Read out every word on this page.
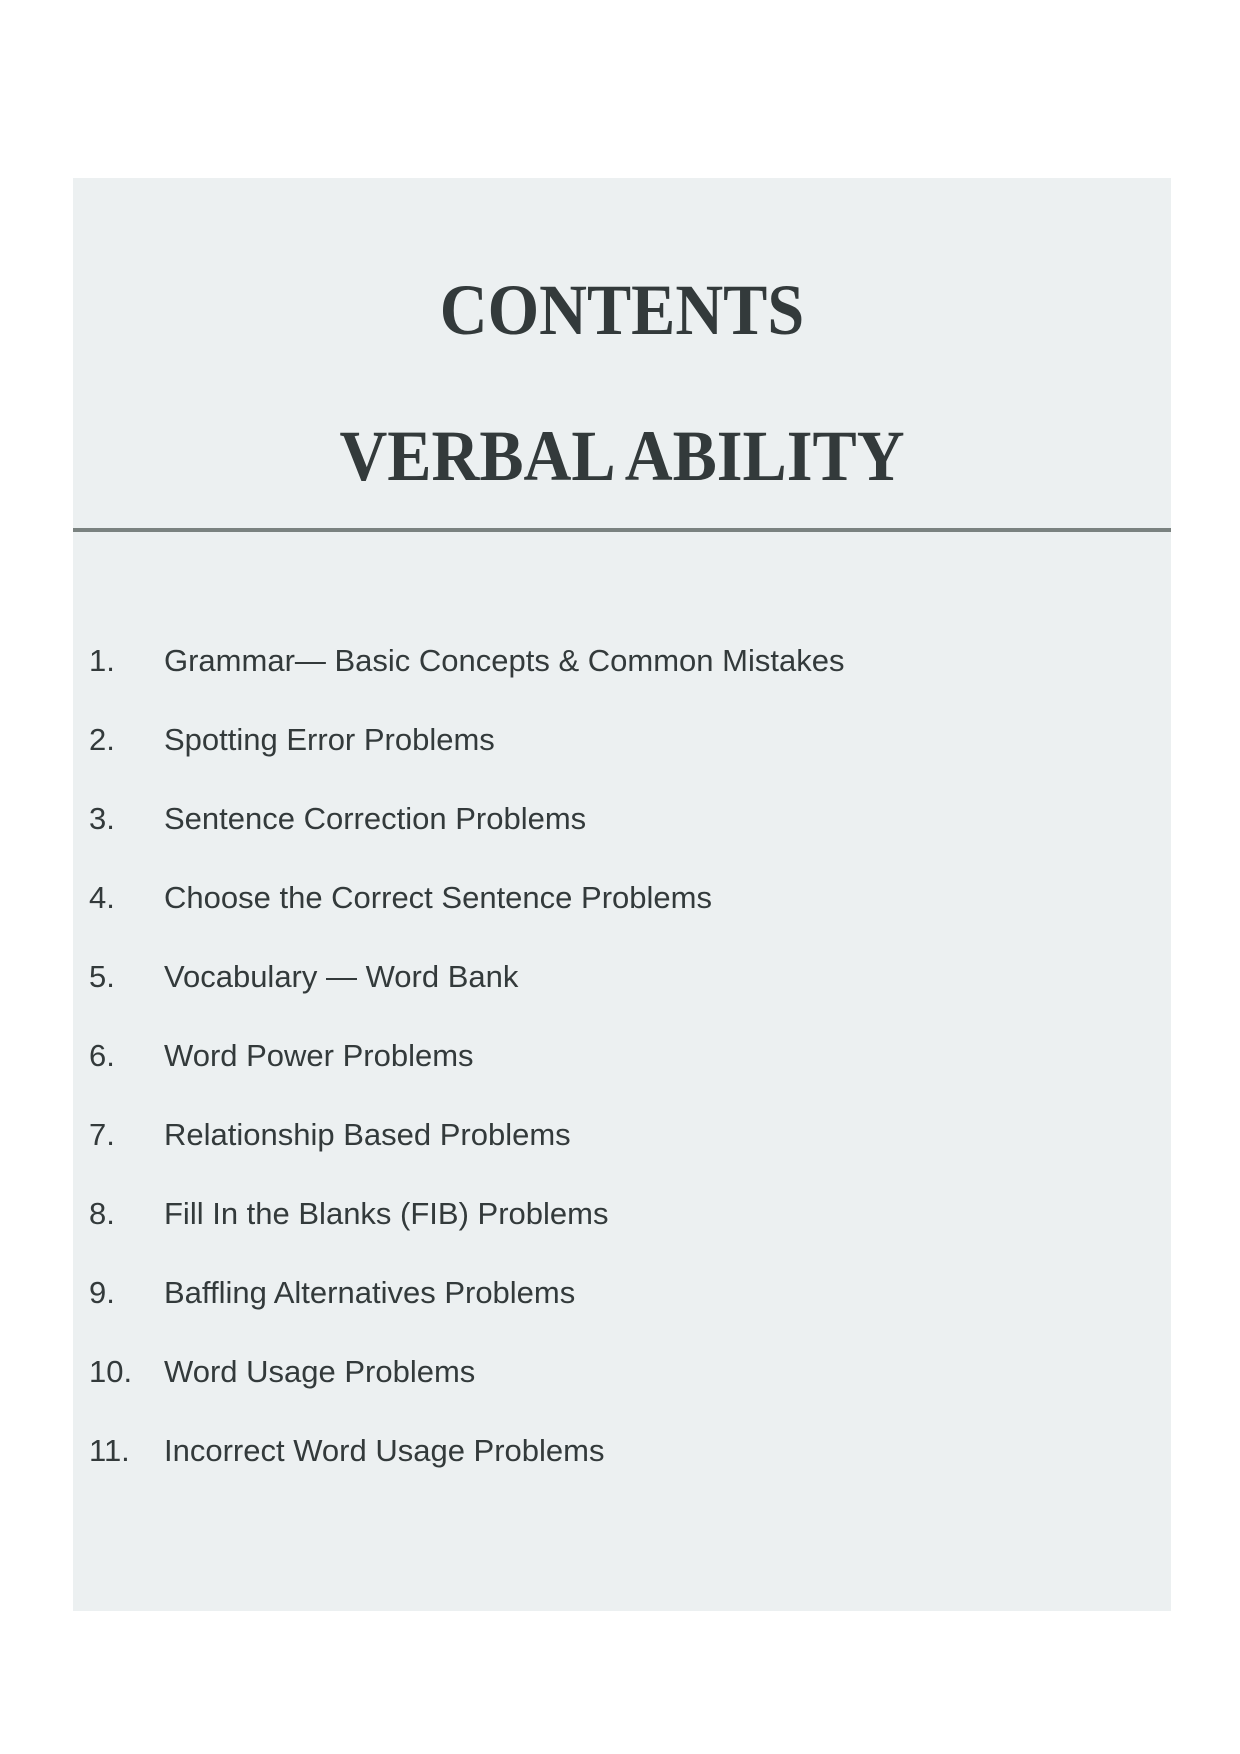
CONTENTS
VERBAL ABILITY
1.	Grammar— Basic Concepts & Common Mistakes
2.	Spotting Error Problems
3.	Sentence Correction Problems
4.	Choose the Correct Sentence Problems
5.	Vocabulary — Word Bank
6.	Word Power Problems
7.	Relationship Based Problems
8.	Fill In the Blanks (FIB) Problems
9.	Baffling Alternatives Problems
10.	Word Usage Problems
11.	Incorrect Word Usage Problems
